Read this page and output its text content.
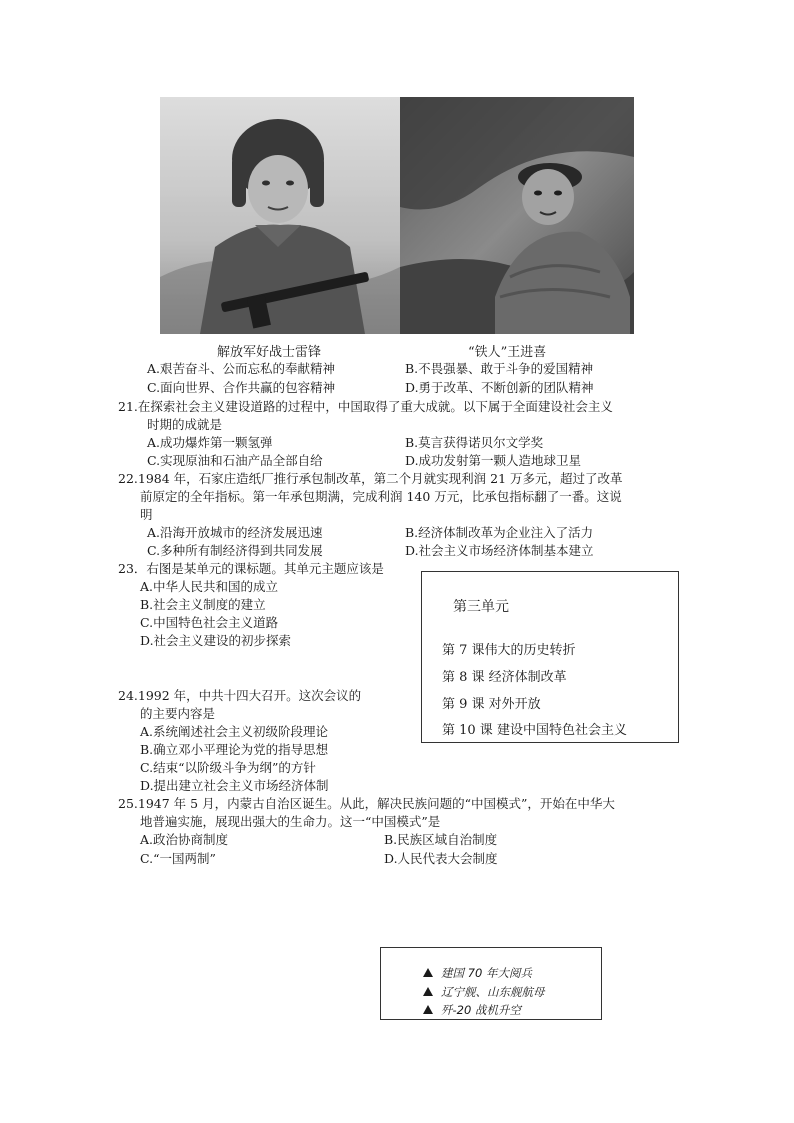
解放军好战士雷锋	“铁人”王进喜
A.艰苦奋斗、公而忘私的奉献精神	B.不畏强暴、敢于斗争的爱国精神
C.面向世界、合作共赢的包容精神	D.勇于改革、不断创新的团队精神
21.在探索社会主义建设道路的过程中，中国取得了重大成就。以下属于全面建设社会主义
时期的成就是
A.成功爆炸第一颗氢弹	B.莫言获得诺贝尔文学奖
C.实现原油和石油产品全部自给	D.成功发射第一颗人造地球卫星
22.1984 年，石家庄造纸厂推行承包制改革，第二个月就实现利润 21 万多元，超过了改革
前原定的全年指标。第一年承包期满，完成利润 140 万元，比承包指标翻了一番。这说
明
A.沿海开放城市的经济发展迅速	B.经济体制改革为企业注入了活力
C.多种所有制经济得到共同发展	D.社会主义市场经济体制基本建立
23．右图是某单元的课标题。其单元主题应该是
A.中华人民共和国的成立
B.社会主义制度的建立
C.中国特色社会主义道路
D.社会主义建设的初步探索
第三单元
第 7 课伟大的历史转折
第 8 课 经济体制改革
第 9 课 对外开放
第 10 课 建设中国特色社会主义
24.1992 年，中共十四大召开。这次会议的
的主要内容是
A.系统阐述社会主义初级阶段理论
B.确立邓小平理论为党的指导思想
C.结束“以阶级斗争为纲”的方针
D.提出建立社会主义市场经济体制
25.1947 年 5 月，内蒙古自治区诞生。从此，解决民族问题的“中国模式”，开始在中华大
地普遍实施，展现出强大的生命力。这一“中国模式”是
A.政治协商制度	B.民族区域自治制度
C.“一国两制”	D.人民代表大会制度
建国 70 年大阅兵
辽宁舰、山东舰航母
歼-20 战机升空
